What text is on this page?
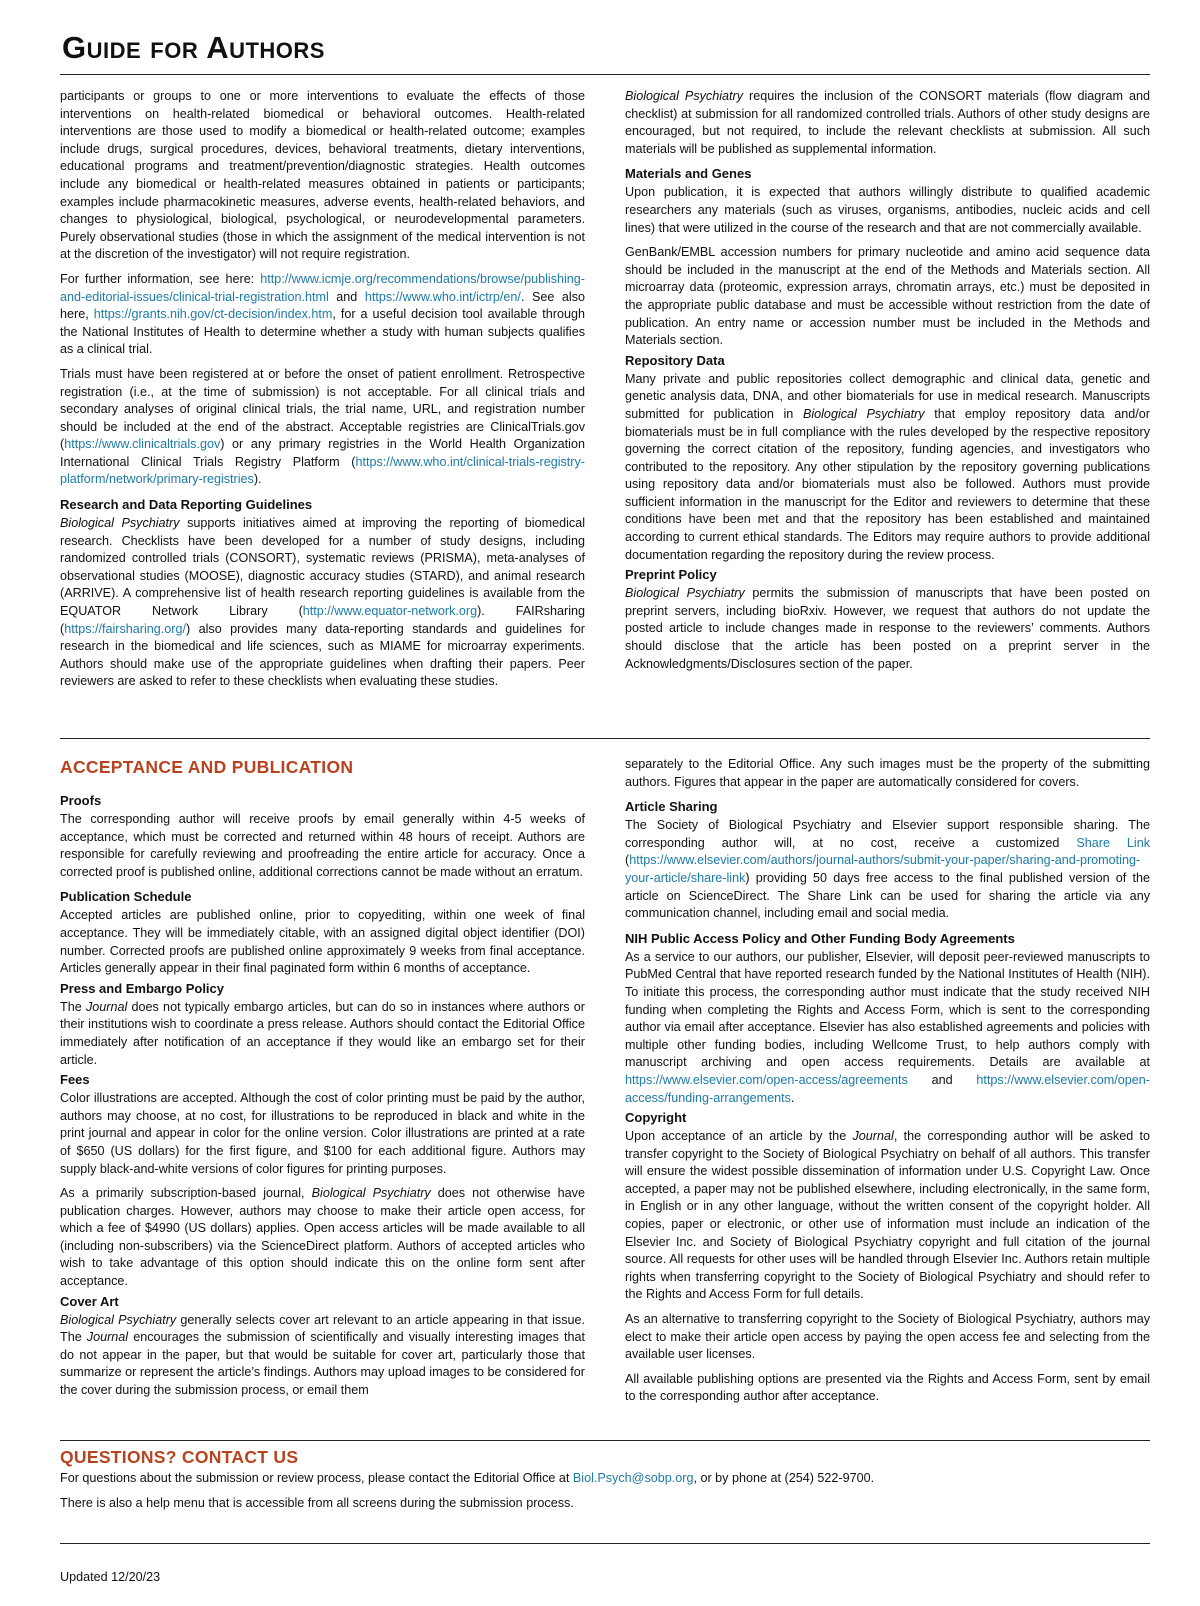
Guide for Authors

participants or groups to one or more interventions to evaluate the effects of those interventions on health-related biomedical or behavioral outcomes. Health-related interventions are those used to modify a biomedical or health-related outcome; examples include drugs, surgical procedures, devices, behavioral treatments, dietary interventions, educational programs and treatment/prevention/diagnostic strategies. Health outcomes include any biomedical or health-related measures obtained in patients or participants; examples include pharmacokinetic measures, adverse events, health-related behaviors, and changes to physiological, biological, psychological, or neurodevelopmental parameters. Purely observational studies (those in which the assignment of the medical intervention is not at the discretion of the investigator) will not require registration.

For further information, see here: http://www.icmje.org/recommendations/browse/publishing-and-editorial-issues/clinical-trial-registration.html and https://www.who.int/ictrp/en/. See also here, https://grants.nih.gov/ct-decision/index.htm, for a useful decision tool available through the National Institutes of Health to determine whether a study with human subjects qualifies as a clinical trial.

Trials must have been registered at or before the onset of patient enrollment. Retrospective registration (i.e., at the time of submission) is not acceptable. For all clinical trials and secondary analyses of original clinical trials, the trial name, URL, and registration number should be included at the end of the abstract. Acceptable registries are ClinicalTrials.gov (https://www.clinicaltrials.gov) or any primary registries in the World Health Organization International Clinical Trials Registry Platform (https://www.who.int/clinical-trials-registry-platform/network/primary-registries).

Research and Data Reporting Guidelines

Biological Psychiatry supports initiatives aimed at improving the reporting of biomedical research. Checklists have been developed for a number of study designs, including randomized controlled trials (CONSORT), systematic reviews (PRISMA), meta-analyses of observational studies (MOOSE), diagnostic accuracy studies (STARD), and animal research (ARRIVE). A comprehensive list of health research reporting guidelines is available from the EQUATOR Network Library (http://www.equator-network.org). FAIRsharing (https://fairsharing.org/) also provides many data-reporting standards and guidelines for research in the biomedical and life sciences, such as MIAME for microarray experiments. Authors should make use of the appropriate guidelines when drafting their papers. Peer reviewers are asked to refer to these checklists when evaluating these studies.

Biological Psychiatry requires the inclusion of the CONSORT materials (flow diagram and checklist) at submission for all randomized controlled trials. Authors of other study designs are encouraged, but not required, to include the relevant checklists at submission. All such materials will be published as supplemental information.

Materials and Genes

Upon publication, it is expected that authors willingly distribute to qualified academic researchers any materials (such as viruses, organisms, antibodies, nucleic acids and cell lines) that were utilized in the course of the research and that are not commercially available.

GenBank/EMBL accession numbers for primary nucleotide and amino acid sequence data should be included in the manuscript at the end of the Methods and Materials section. All microarray data (proteomic, expression arrays, chromatin arrays, etc.) must be deposited in the appropriate public database and must be accessible without restriction from the date of publication. An entry name or accession number must be included in the Methods and Materials section.

Repository Data

Many private and public repositories collect demographic and clinical data, genetic and genetic analysis data, DNA, and other biomaterials for use in medical research. Manuscripts submitted for publication in Biological Psychiatry that employ repository data and/or biomaterials must be in full compliance with the rules developed by the respective repository governing the correct citation of the repository, funding agencies, and investigators who contributed to the repository. Any other stipulation by the repository governing publications using repository data and/or biomaterials must also be followed. Authors must provide sufficient information in the manuscript for the Editor and reviewers to determine that these conditions have been met and that the repository has been established and maintained according to current ethical standards. The Editors may require authors to provide additional documentation regarding the repository during the review process.

Preprint Policy

Biological Psychiatry permits the submission of manuscripts that have been posted on preprint servers, including bioRxiv. However, we request that authors do not update the posted article to include changes made in response to the reviewers’ comments. Authors should disclose that the article has been posted on a preprint server in the Acknowledgments/Disclosures section of the paper.

ACCEPTANCE AND PUBLICATION
Proofs

The corresponding author will receive proofs by email generally within 4-5 weeks of acceptance, which must be corrected and returned within 48 hours of receipt. Authors are responsible for carefully reviewing and proofreading the entire article for accuracy. Once a corrected proof is published online, additional corrections cannot be made without an erratum.

Publication Schedule

Accepted articles are published online, prior to copyediting, within one week of final acceptance. They will be immediately citable, with an assigned digital object identifier (DOI) number. Corrected proofs are published online approximately 9 weeks from final acceptance. Articles generally appear in their final paginated form within 6 months of acceptance.

Press and Embargo Policy

The Journal does not typically embargo articles, but can do so in instances where authors or their institutions wish to coordinate a press release. Authors should contact the Editorial Office immediately after notification of an acceptance if they would like an embargo set for their article.

Fees

Color illustrations are accepted. Although the cost of color printing must be paid by the author, authors may choose, at no cost, for illustrations to be reproduced in black and white in the print journal and appear in color for the online version. Color illustrations are printed at a rate of $650 (US dollars) for the first figure, and $100 for each additional figure. Authors may supply black-and-white versions of color figures for printing purposes.

As a primarily subscription-based journal, Biological Psychiatry does not otherwise have publication charges. However, authors may choose to make their article open access, for which a fee of $4990 (US dollars) applies. Open access articles will be made available to all (including non-subscribers) via the ScienceDirect platform. Authors of accepted articles who wish to take advantage of this option should indicate this on the online form sent after acceptance.

Cover Art

Biological Psychiatry generally selects cover art relevant to an article appearing in that issue. The Journal encourages the submission of scientifically and visually interesting images that do not appear in the paper, but that would be suitable for cover art, particularly those that summarize or represent the article’s findings. Authors may upload images to be considered for the cover during the submission process, or email them

separately to the Editorial Office. Any such images must be the property of the submitting authors. Figures that appear in the paper are automatically considered for covers.

Article Sharing

The Society of Biological Psychiatry and Elsevier support responsible sharing. The corresponding author will, at no cost, receive a customized Share Link (https://www.elsevier.com/authors/journal-authors/submit-your-paper/sharing-and-promoting-your-article/share-link) providing 50 days free access to the final published version of the article on ScienceDirect. The Share Link can be used for sharing the article via any communication channel, including email and social media.

NIH Public Access Policy and Other Funding Body Agreements

As a service to our authors, our publisher, Elsevier, will deposit peer-reviewed manuscripts to PubMed Central that have reported research funded by the National Institutes of Health (NIH). To initiate this process, the corresponding author must indicate that the study received NIH funding when completing the Rights and Access Form, which is sent to the corresponding author via email after acceptance. Elsevier has also established agreements and policies with multiple other funding bodies, including Wellcome Trust, to help authors comply with manuscript archiving and open access requirements. Details are available at https://www.elsevier.com/open-access/agreements and https://www.elsevier.com/open-access/funding-arrangements.

Copyright

Upon acceptance of an article by the Journal, the corresponding author will be asked to transfer copyright to the Society of Biological Psychiatry on behalf of all authors. This transfer will ensure the widest possible dissemination of information under U.S. Copyright Law. Once accepted, a paper may not be published elsewhere, including electronically, in the same form, in English or in any other language, without the written consent of the copyright holder. All copies, paper or electronic, or other use of information must include an indication of the Elsevier Inc. and Society of Biological Psychiatry copyright and full citation of the journal source. All requests for other uses will be handled through Elsevier Inc. Authors retain multiple rights when transferring copyright to the Society of Biological Psychiatry and should refer to the Rights and Access Form for full details.

As an alternative to transferring copyright to the Society of Biological Psychiatry, authors may elect to make their article open access by paying the open access fee and selecting from the available user licenses.

All available publishing options are presented via the Rights and Access Form, sent by email to the corresponding author after acceptance.

QUESTIONS? CONTACT US

For questions about the submission or review process, please contact the Editorial Office at Biol.Psych@sobp.org, or by phone at (254) 522-9700.

There is also a help menu that is accessible from all screens during the submission process.

Updated 12/20/23
